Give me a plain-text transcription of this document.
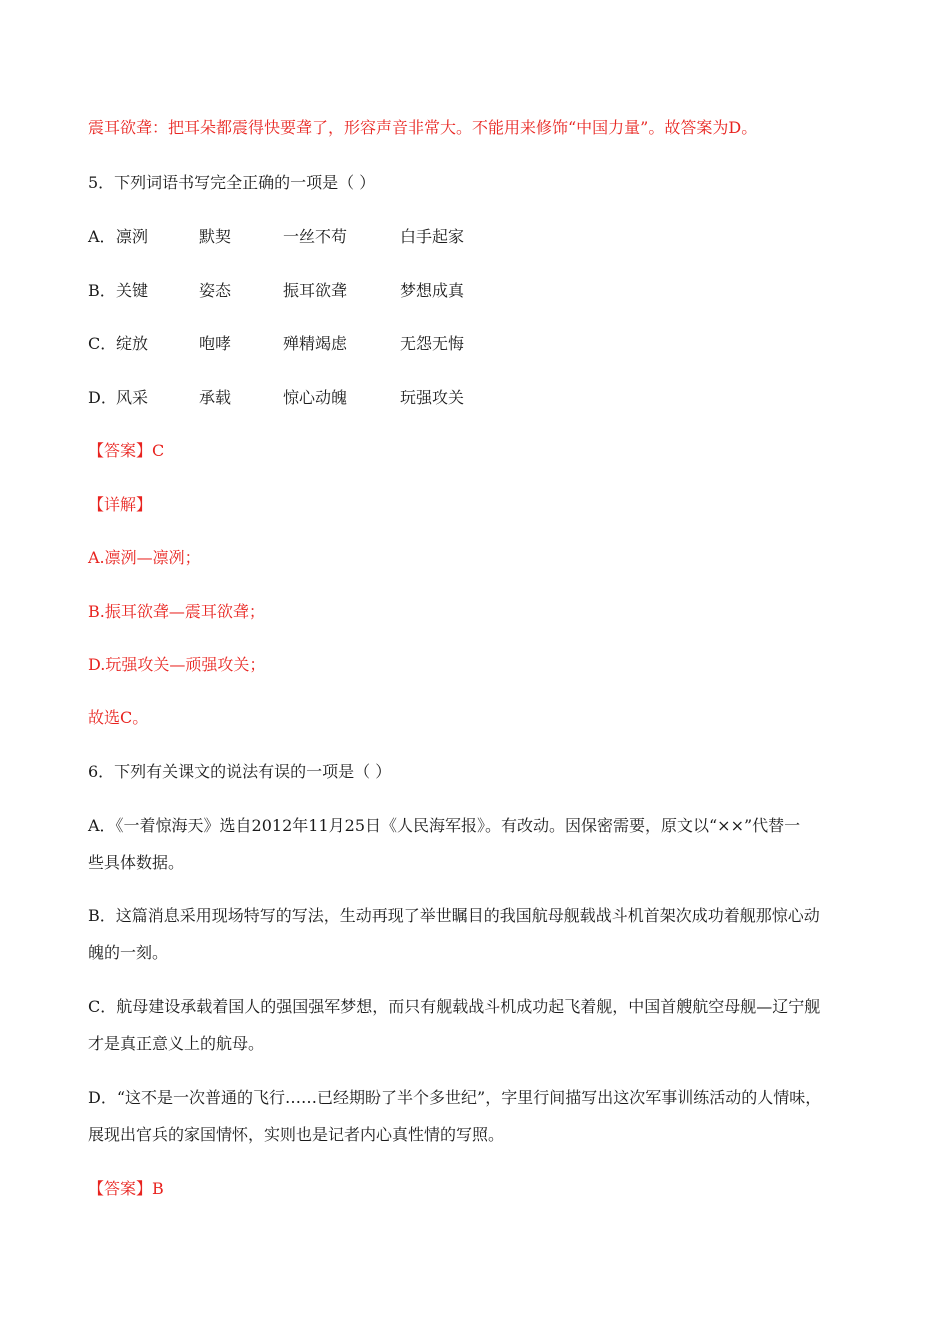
震耳欲聋：把耳朵都震得快要聋了，形容声音非常大。不能用来修饰“中国力量”。故答案为D。
5．下列词语书写完全正确的一项是（ ）
A． 凛洌	默契	一丝不苟	白手起家
B． 关键	姿态	振耳欲聋	梦想成真
C． 绽放	咆哮	殚精竭虑	无怨无悔
D． 风采	承载	惊心动魄	玩强攻关
【答案】C
【详解】
A.凛洌—凛冽；
B.振耳欲聋—震耳欲聋；
D.玩强攻关—顽强攻关；
故选C。
6．下列有关课文的说法有误的一项是（ ）
A．《一着惊海天》选自2012年11月25日《人民海军报》。有改动。因保密需要，原文以“××”代替一
些具体数据。
B．这篇消息采用现场特写的写法，生动再现了举世瞩目的我国航母舰载战斗机首架次成功着舰那惊心动
魄的一刻。
C．航母建设承载着国人的强国强军梦想，而只有舰载战斗机成功起飞着舰，中国首艘航空母舰—辽宁舰
才是真正意义上的航母。
D．“这不是一次普通的飞行……已经期盼了半个多世纪”，字里行间描写出这次军事训练活动的人情味，
展现出官兵的家国情怀，实则也是记者内心真性情的写照。
【答案】B
